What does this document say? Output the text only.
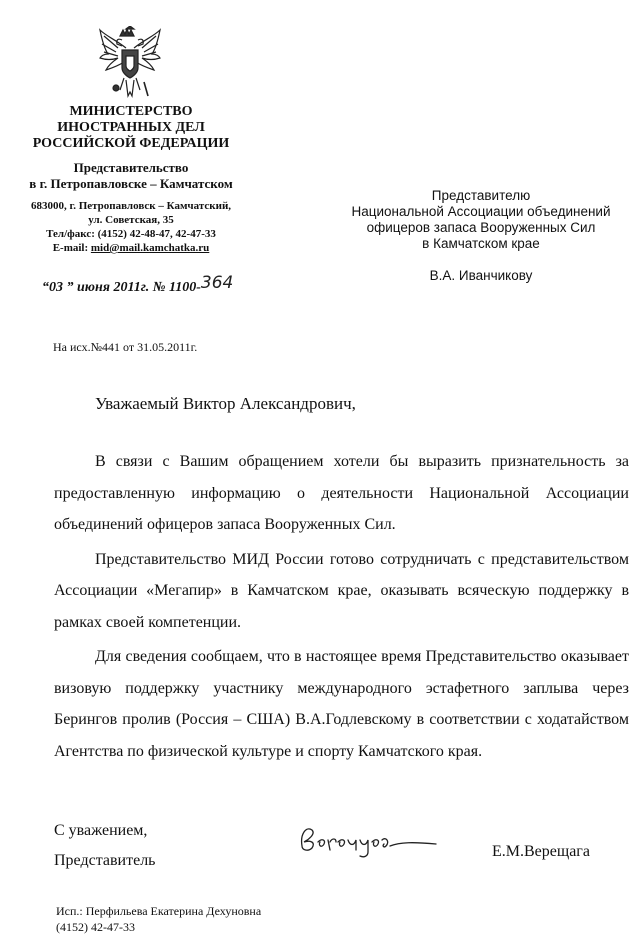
МИНИСТЕРСТВО
ИНОСТРАННЫХ ДЕЛ
РОССИЙСКОЙ ФЕДЕРАЦИИ
Представительство
в г. Петропавловске – Камчатском
683000, г. Петропавловск – Камчатский,
ул. Советская, 35
Тел/факс: (4152) 42-48-47, 42-47-33
E-mail: mid@mail.kamchatka.ru
“03 ” июня 2011г. № 1100-364
Представителю
Национальной Ассоциации объединений
офицеров запаса Вооруженных Сил
в Камчатском крае
В.А. Иванчикову
На исх.№441 от 31.05.2011г.
Уважаемый Виктор Александрович,

В связи с Вашим обращением хотели бы выразить признательность за предоставленную информацию о деятельности Национальной Ассоциации объединений офицеров запаса Вооруженных Сил.

Представительство МИД России готово сотрудничать с представительством Ассоциации «Мегапир» в Камчатском крае, оказывать всяческую поддержку в рамках своей компетенции.

Для сведения сообщаем, что в настоящее время Представительство оказывает визовую поддержку участнику международного эстафетного заплыва через Берингов пролив (Россия – США) В.А.Годлевскому в соответствии с ходатайством Агентства по физической культуре и спорту Камчатского края.

С уважением,
Представитель
Е.М.Верещага
Исп.: Перфильева Екатерина Дехуновна
(4152) 42-47-33
